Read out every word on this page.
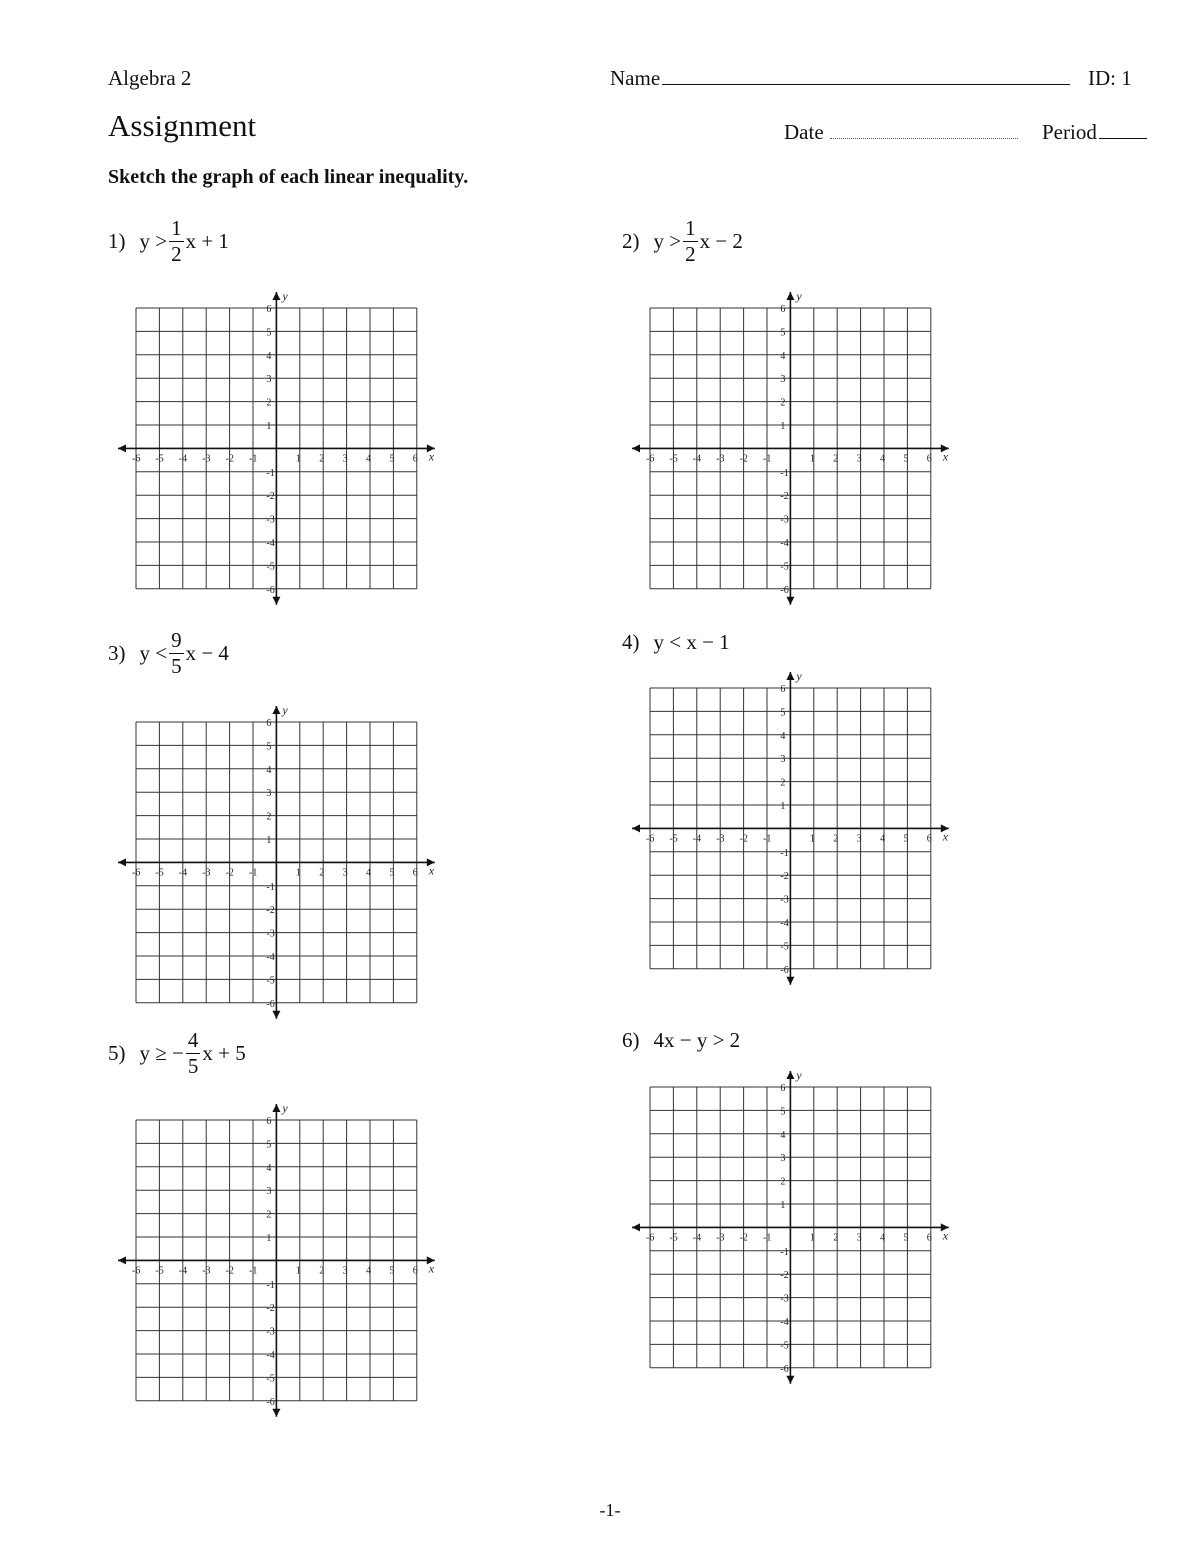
Algebra 2	Name	ID: 1
Assignment	Date	Period
Sketch the graph of each linear inequality.
1) $y > \frac{1}{2}$ x + 1	2) $y > \frac{1}{2}$ x − 2
3) $y < \frac{9}{5}$ x − 4	4) y < x − 1
5) y ≥ − $\frac{4}{5}$ x + 5
6) 4x − y > 2
x
y
-6 -5 -4 -3 -2 -1	1 2 3 4 5 6
6
5
4
3
2
1
-1
-2
-3
-4
-5
-6
x
y
-6 -5 -4 -3 -2 -1	1 2 3 4 5 6
6
5
4
3
2
1
-1
-2
-3
-4
-5
-6
x
y
-6 -5 -4 -3 -2 -1	1 2 3 4 5 6
6
5
4
3
2
1
-1
-2
-3
-4
-5
-6
x
y
-6 -5 -4 -3 -2 -1	1 2 3 4 5 6
6
5
4
3
2
1
-1
-2
-3
-4
-5
-6
x
y
-6 -5 -4 -3 -2 -1	1 2 3 4 5 6
6
5
4
3
2
1
-1
-2
-3
-4
-5
-6
x
y
-6 -5 -4 -3 -2 -1	1 2 3 4 5 6
6
5
4
3
2
1
-1
-2
-3
-4
-5
-6
-1-
